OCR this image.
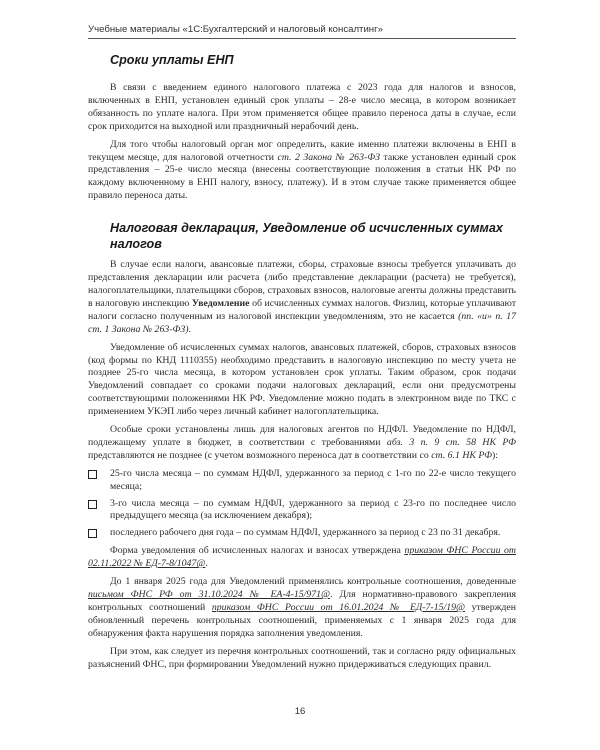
Учебные материалы «1С:Бухгалтерский и налоговый консалтинг»
Сроки уплаты ЕНП

В связи с введением единого налогового платежа с 2023 года для налогов и взносов, включенных в ЕНП, установлен единый срок уплаты – 28-е число месяца, в котором возникает обязанность по уплате налога. При этом применяется общее правило переноса даты в случае, если срок приходится на выходной или праздничный нерабочий день.

Для того чтобы налоговый орган мог определить, какие именно платежи включены в ЕНП в текущем месяце, для налоговой отчетности ст. 2 Закона № 263-ФЗ также установлен единый срок представления – 25-е число месяца (внесены соответствующие положения в статьи НК РФ по каждому включенному в ЕНП налогу, взносу, платежу). И в этом случае также применяется общее правило переноса даты.

Налоговая декларация, Уведомление об исчисленных суммах налогов

В случае если налоги, авансовые платежи, сборы, страховые взносы требуется уплачивать до представления декларации или расчета (либо представление декларации (расчета) не требуется), налогоплательщики, плательщики сборов, страховых взносов, налоговые агенты должны представить в налоговую инспекцию Уведомление об исчисленных суммах налогов. Физлиц, которые уплачивают налоги согласно полученным из налоговой инспекции уведомлениям, это не касается (пп. «и» п. 17 ст. 1 Закона № 263-ФЗ).

Уведомление об исчисленных суммах налогов, авансовых платежей, сборов, страховых взносов (код формы по КНД 1110355) необходимо представить в налоговую инспекцию по месту учета не позднее 25-го числа месяца, в котором установлен срок уплаты. Таким образом, срок подачи Уведомлений совпадает со сроками подачи налоговых деклараций, если они предусмотрены соответствующими положениями НК РФ. Уведомление можно подать в электронном виде по ТКС с применением УКЭП либо через личный кабинет налогоплательщика.

Особые сроки установлены лишь для налоговых агентов по НДФЛ. Уведомление по НДФЛ, подлежащему уплате в бюджет, в соответствии с требованиями абз. 3 п. 9 ст. 58 НК РФ представляются не позднее (с учетом возможного переноса дат в соответствии со ст. 6.1 НК РФ):

25-го числа месяца – по суммам НДФЛ, удержанного за период с 1-го по 22-е число текущего месяца;
3-го числа месяца – по суммам НДФЛ, удержанного за период с 23-го по последнее число предыдущего месяца (за исключением декабря);
последнего рабочего дня года – по суммам НДФЛ, удержанного за период с 23 по 31 декабря.

Форма уведомления об исчисленных налогах и взносах утверждена приказом ФНС России от 02.11.2022 № ЕД-7-8/1047@.

До 1 января 2025 года для Уведомлений применялись контрольные соотношения, доведенные письмом ФНС РФ от 31.10.2024 № ЕА-4-15/971@. Для нормативно-правового закрепления контрольных соотношений приказом ФНС России от 16.01.2024 № ЕД-7-15/19@ утвержден обновленный перечень контрольных соотношений, применяемых с 1 января 2025 года для обнаружения факта нарушения порядка заполнения уведомления.

При этом, как следует из перечня контрольных соотношений, так и согласно ряду официальных разъяснений ФНС, при формировании Уведомлений нужно придерживаться следующих правил.

16
